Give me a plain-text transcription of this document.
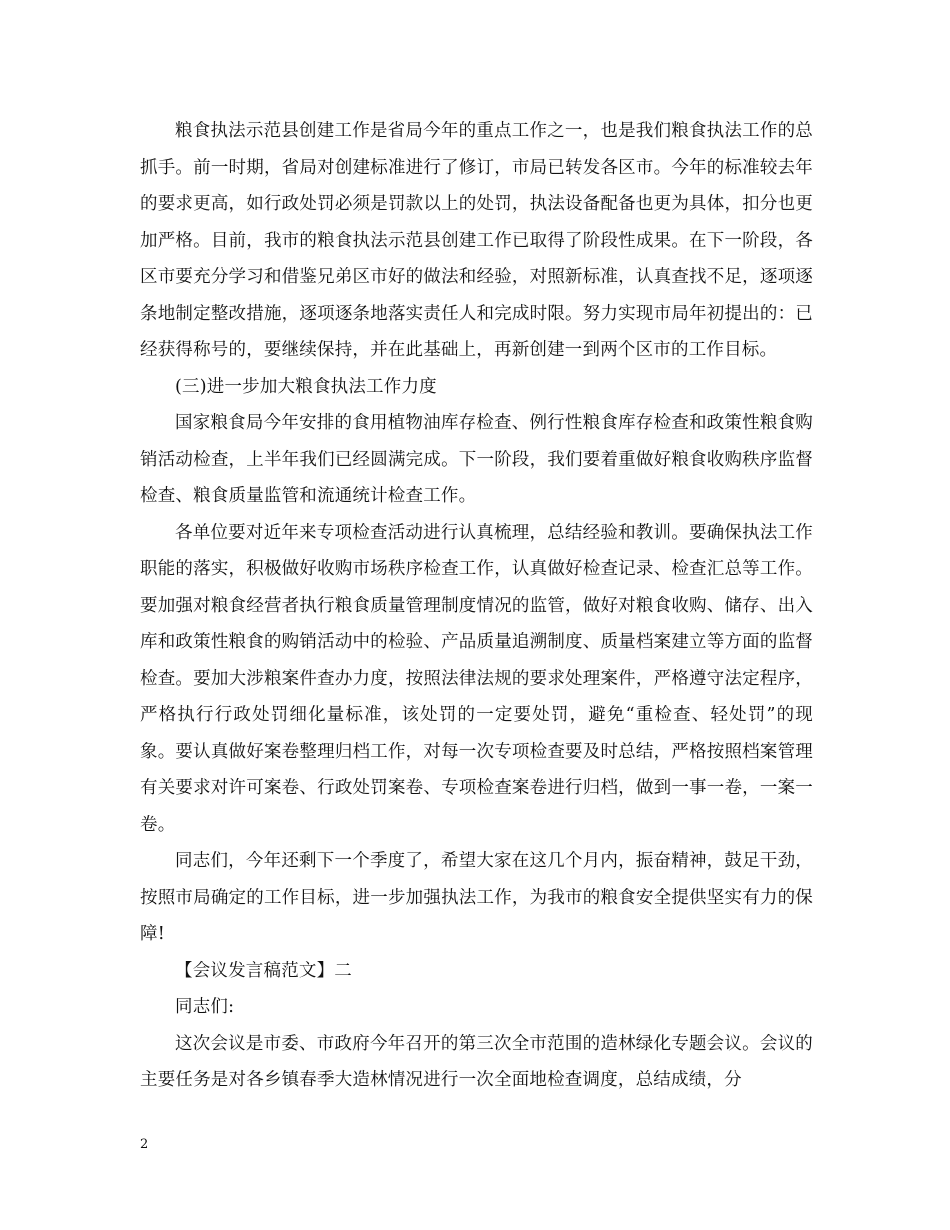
粮食执法示范县创建工作是省局今年的重点工作之一，也是我们粮食执法工作的总抓手。前一时期，省局对创建标准进行了修订，市局已转发各区市。今年的标准较去年的要求更高，如行政处罚必须是罚款以上的处罚，执法设备配备也更为具体，扣分也更加严格。目前，我市的粮食执法示范县创建工作已取得了阶段性成果。在下一阶段，各区市要充分学习和借鉴兄弟区市好的做法和经验，对照新标准，认真查找不足，逐项逐条地制定整改措施，逐项逐条地落实责任人和完成时限。努力实现市局年初提出的：已经获得称号的，要继续保持，并在此基础上，再新创建一到两个区市的工作目标。

(三)进一步加大粮食执法工作力度

国家粮食局今年安排的食用植物油库存检查、例行性粮食库存检查和政策性粮食购销活动检查，上半年我们已经圆满完成。下一阶段，我们要着重做好粮食收购秩序监督检查、粮食质量监管和流通统计检查工作。

各单位要对近年来专项检查活动进行认真梳理，总结经验和教训。要确保执法工作职能的落实，积极做好收购市场秩序检查工作，认真做好检查记录、检查汇总等工作。要加强对粮食经营者执行粮食质量管理制度情况的监管，做好对粮食收购、储存、出入库和政策性粮食的购销活动中的检验、产品质量追溯制度、质量档案建立等方面的监督检查。要加大涉粮案件查办力度，按照法律法规的要求处理案件，严格遵守法定程序，严格执行行政处罚细化量标准，该处罚的一定要处罚，避免“重检查、轻处罚”的现象。要认真做好案卷整理归档工作，对每一次专项检查要及时总结，严格按照档案管理有关要求对许可案卷、行政处罚案卷、专项检查案卷进行归档，做到一事一卷，一案一卷。

同志们，今年还剩下一个季度了，希望大家在这几个月内，振奋精神，鼓足干劲，按照市局确定的工作目标，进一步加强执法工作，为我市的粮食安全提供坚实有力的保障!

【会议发言稿范文】二

同志们:

这次会议是市委、市政府今年召开的第三次全市范围的造林绿化专题会议。会议的主要任务是对各乡镇春季大造林情况进行一次全面地检查调度，总结成绩，分

2
